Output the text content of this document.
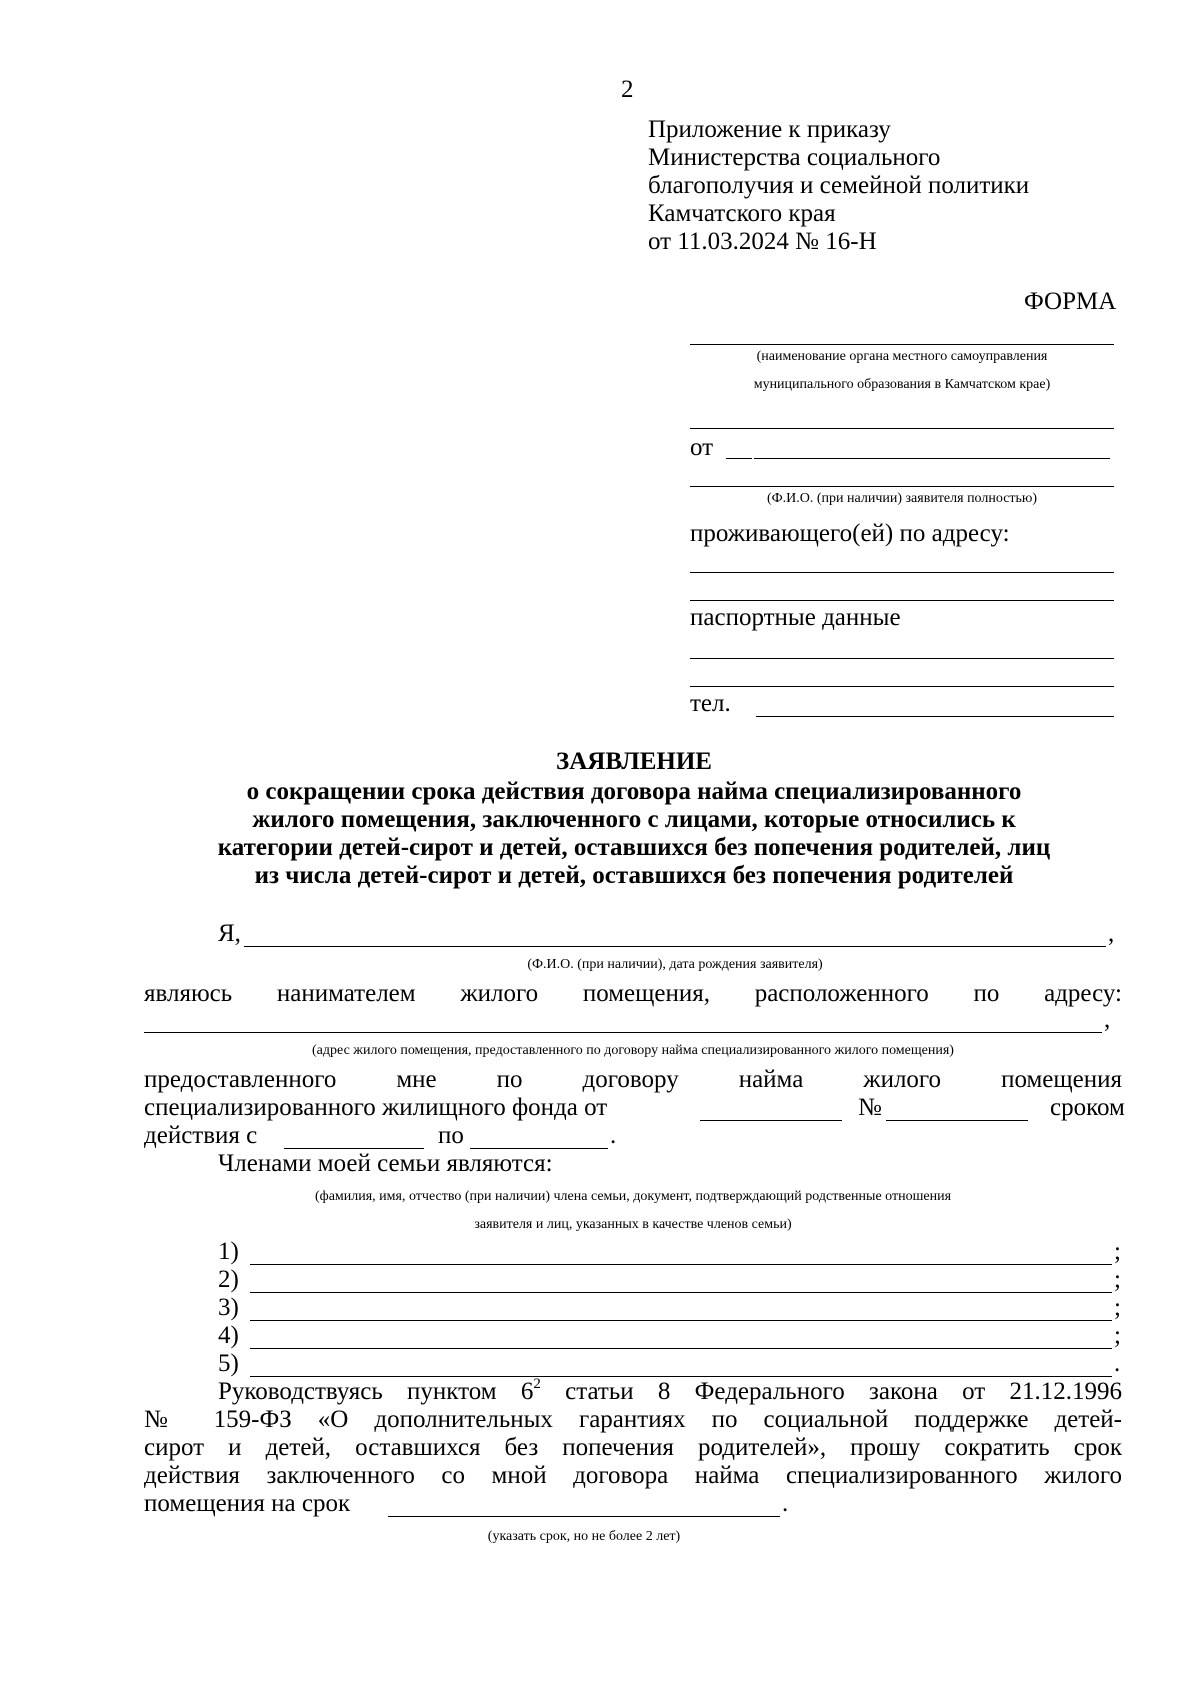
2
Приложение к приказу
Министерства социального
благополучия и семейной политики
Камчатского края
от 11.03.2024 № 16-Н
ФОРМА
(наименование органа местного самоуправления
муниципального образования в Камчатском крае)
от
(Ф.И.О. (при наличии) заявителя полностью)
проживающего(ей) по адресу:
паспортные данные
тел.
ЗАЯВЛЕНИЕ
о сокращении срока действия договора найма специализированного
жилого помещения, заключенного с лицами, которые относились к
категории детей-сирот и детей, оставшихся без попечения родителей, лиц
из числа детей-сирот и детей, оставшихся без попечения родителей
Я,	,
(Ф.И.О. (при наличии), дата рождения заявителя)
являюсь нанимателем жилого помещения, расположенного по адресу:
,
(адрес жилого помещения, предоставленного по договору найма специализированного жилого помещения)
предоставленного мне по договору найма жилого помещения
специализированного жилищного фонда от	№	сроком
действия с	по	.
Членами моей семьи являются:
(фамилия, имя, отчество (при наличии) члена семьи, документ, подтверждающий родственные отношения
заявителя и лиц, указанных в качестве членов семьи)
1)	;
2)	;
3)	;
4)	;
5)	.
Руководствуясь пунктом $6^2$ статьи 8 Федерального закона от 21.12.1996
№ 159-ФЗ «О дополнительных гарантиях по социальной поддержке детей-
сирот и детей, оставшихся без попечения родителей», прошу сократить срок
действия заключенного со мной договора найма специализированного жилого
помещения на срок	.
(указать срок, но не более 2 лет)
